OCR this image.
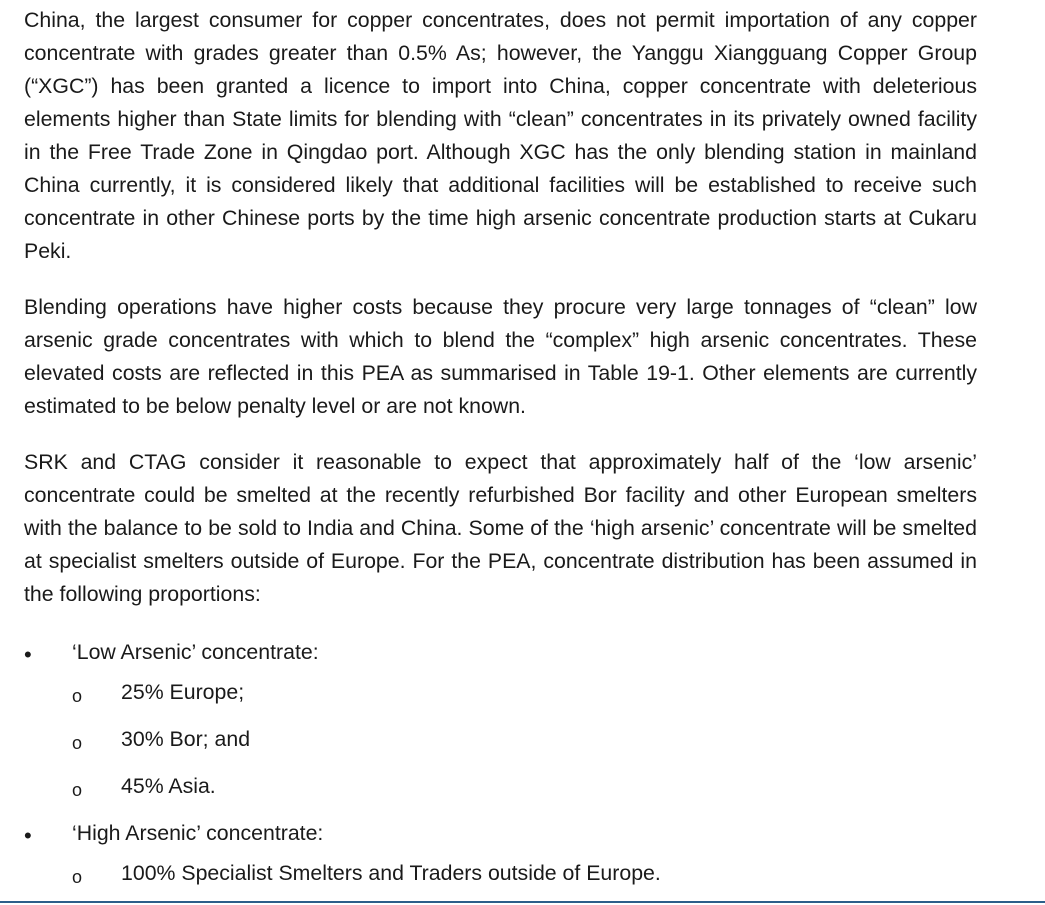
China, the largest consumer for copper concentrates, does not permit importation of any copper concentrate with grades greater than 0.5% As; however, the Yanggu Xiangguang Copper Group (“XGC”) has been granted a licence to import into China, copper concentrate with deleterious elements higher than State limits for blending with “clean” concentrates in its privately owned facility in the Free Trade Zone in Qingdao port. Although XGC has the only blending station in mainland China currently, it is considered likely that additional facilities will be established to receive such concentrate in other Chinese ports by the time high arsenic concentrate production starts at Cukaru Peki.

Blending operations have higher costs because they procure very large tonnages of “clean” low arsenic grade concentrates with which to blend the “complex” high arsenic concentrates. These elevated costs are reflected in this PEA as summarised in Table 19-1. Other elements are currently estimated to be below penalty level or are not known.

SRK and CTAG consider it reasonable to expect that approximately half of the ‘low arsenic’ concentrate could be smelted at the recently refurbished Bor facility and other European smelters with the balance to be sold to India and China. Some of the ‘high arsenic’ concentrate will be smelted at specialist smelters outside of Europe. For the PEA, concentrate distribution has been assumed in the following proportions:

• ‘Low Arsenic’ concentrate:
o 25% Europe;
o 30% Bor; and
o 45% Asia.
• ‘High Arsenic’ concentrate:
o 100% Specialist Smelters and Traders outside of Europe.
